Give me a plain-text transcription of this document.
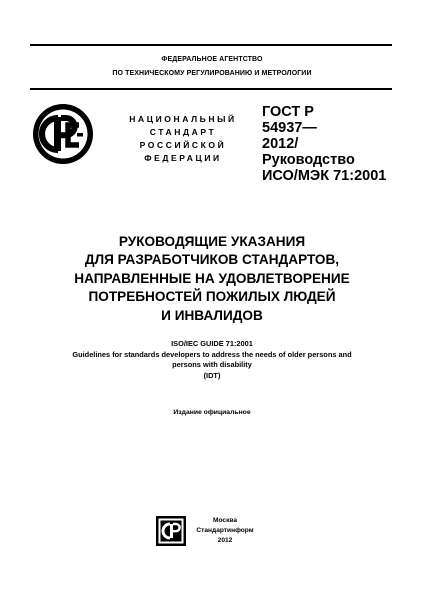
ФЕДЕРАЛЬНОЕ АГЕНТСТВО
ПО ТЕХНИЧЕСКОМУ РЕГУЛИРОВАНИЮ И МЕТРОЛОГИИ
НАЦИОНАЛЬНЫЙ
СТАНДАРТ
РОССИЙСКОЙ
ФЕДЕРАЦИИ
ГОСТ Р
54937—
2012/
Руководство
ИСО/МЭК 71:2001
РУКОВОДЯЩИЕ УКАЗАНИЯ
ДЛЯ РАЗРАБОТЧИКОВ СТАНДАРТОВ,
НАПРАВЛЕННЫЕ НА УДОВЛЕТВОРЕНИЕ
ПОТРЕБНОСТЕЙ ПОЖИЛЫХ ЛЮДЕЙ
И ИНВАЛИДОВ
ISO/IEC GUIDE 71:2001
Guidelines for standards developers to address the needs of older persons and
persons with disability
(IDT)
Издание официальное
Москва
Стандартинформ
2012
